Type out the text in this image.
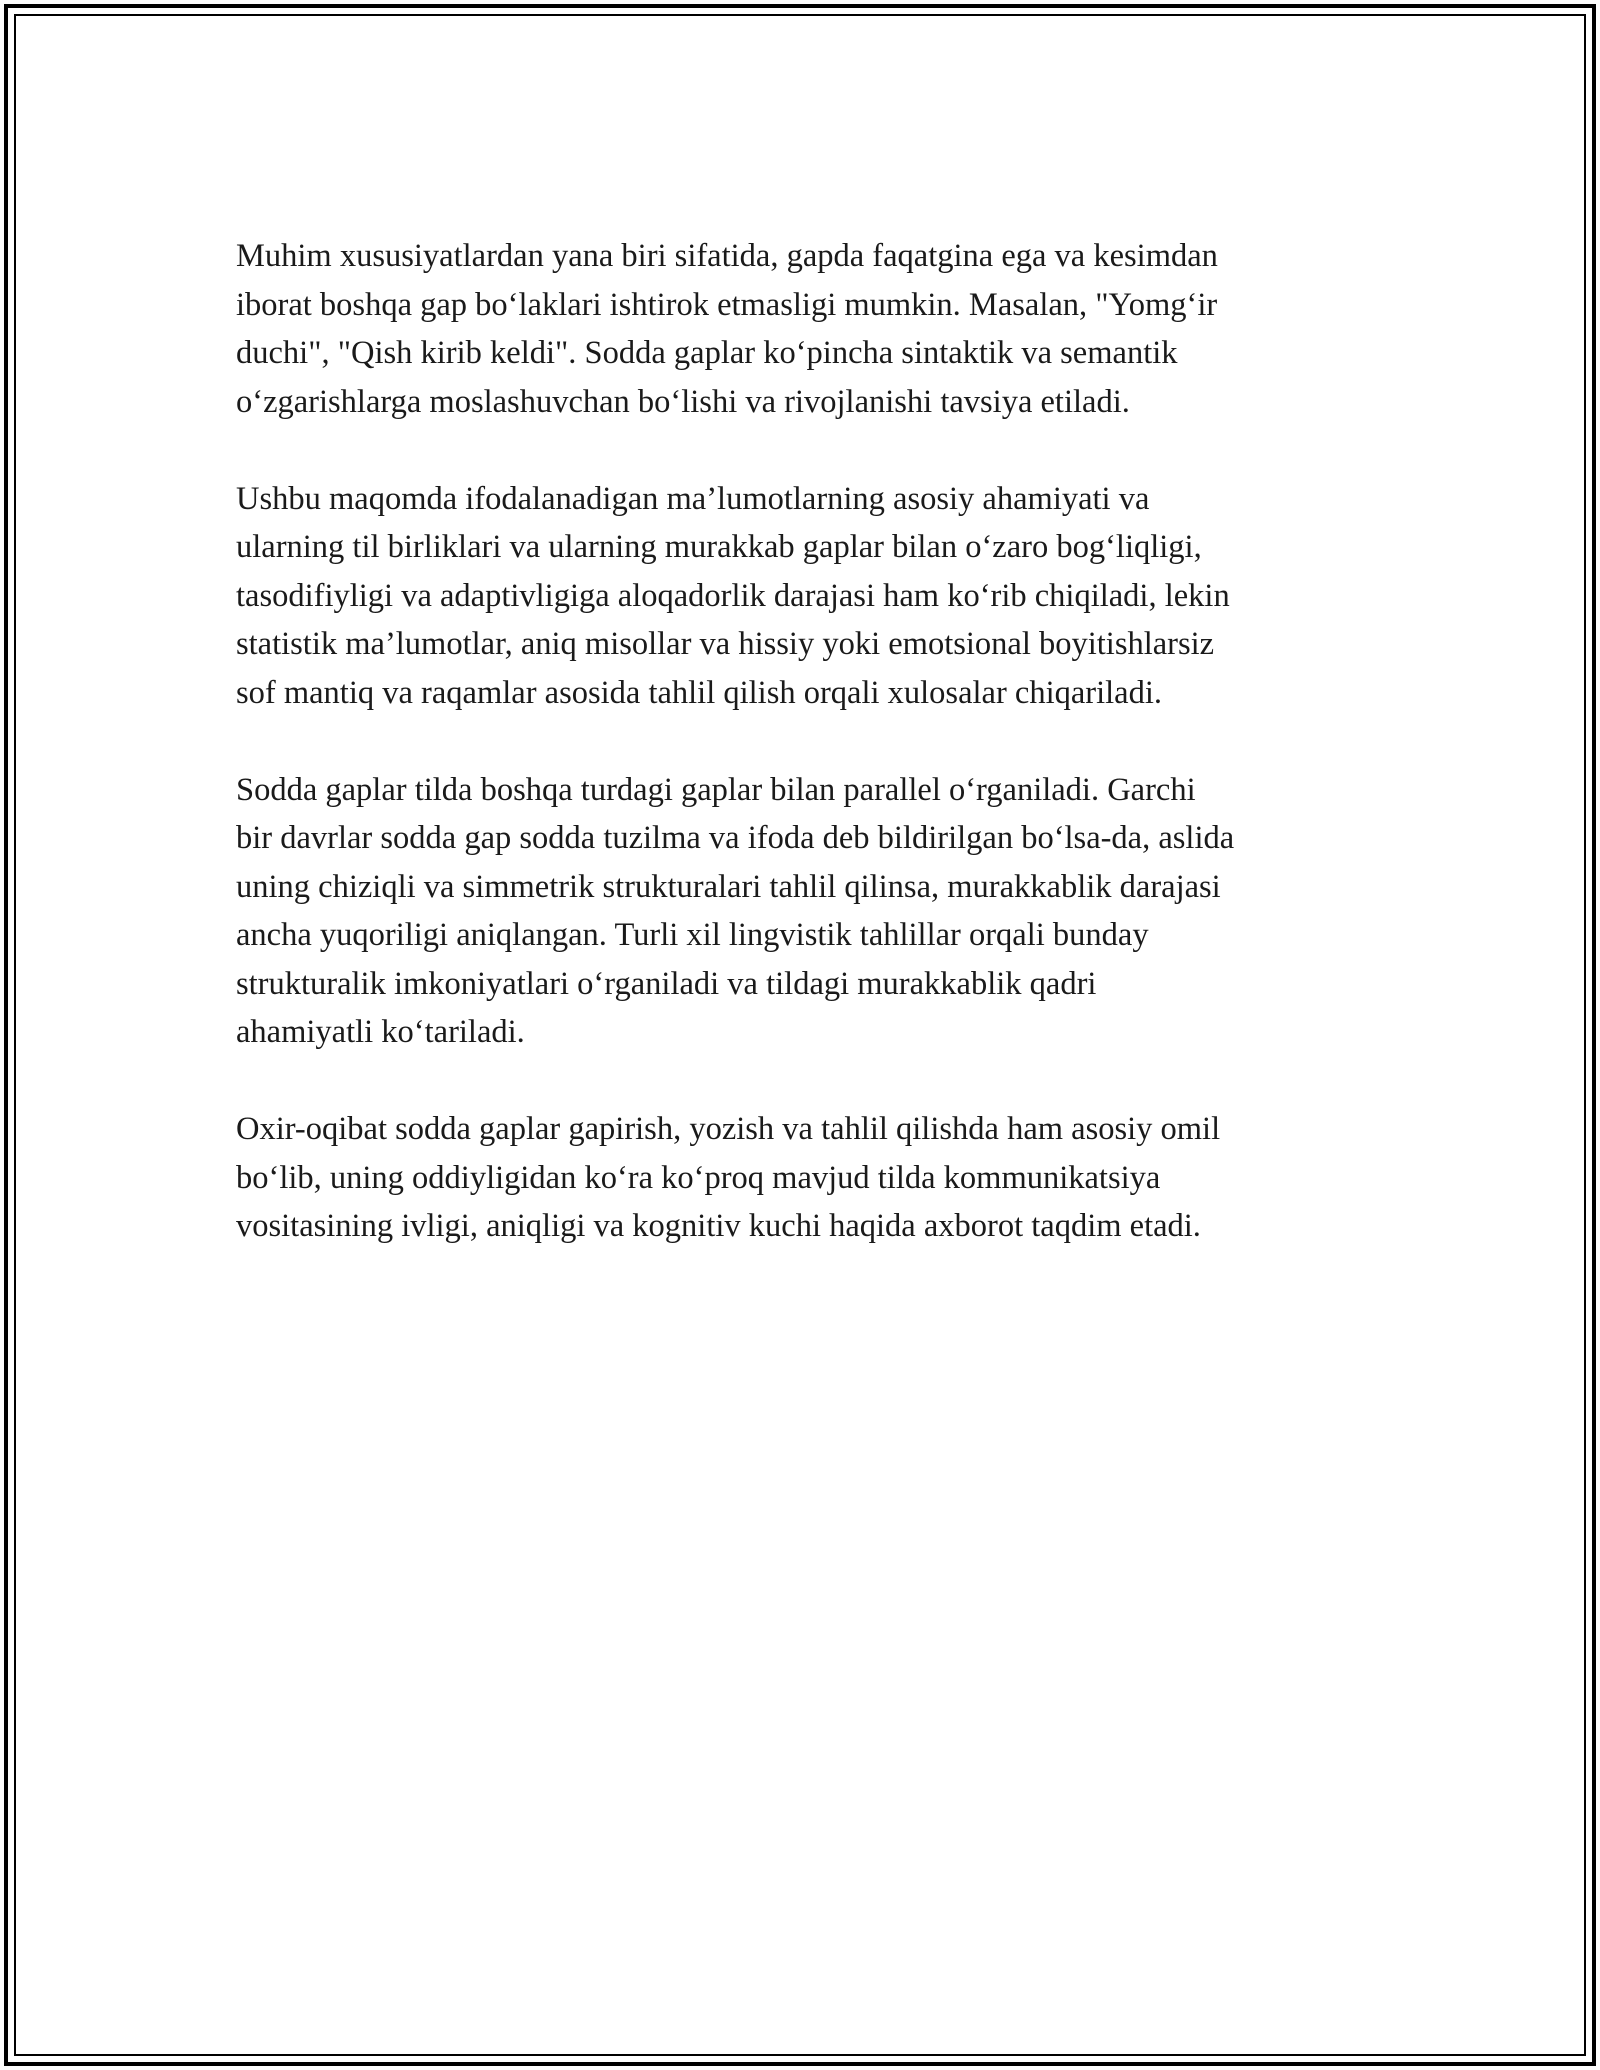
Muhim xususiyatlardan yana biri sifatida, gapda faqatgina ega va kesimdan
iborat boshqa gap bo‘laklari ishtirok etmasligi mumkin. Masalan, "Yomg‘ir
duchi", "Qish kirib keldi". Sodda gaplar ko‘pincha sintaktik va semantik
o‘zgarishlarga moslashuvchan bo‘lishi va rivojlanishi tavsiya etiladi.

Ushbu maqomda ifodalanadigan ma’lumotlarning asosiy ahamiyati va
ularning til birliklari va ularning murakkab gaplar bilan o‘zaro bog‘liqligi,
tasodifiyligi va adaptivligiga aloqadorlik darajasi ham ko‘rib chiqiladi, lekin
statistik ma’lumotlar, aniq misollar va hissiy yoki emotsional boyitishlarsiz
sof mantiq va raqamlar asosida tahlil qilish orqali xulosalar chiqariladi.

Sodda gaplar tilda boshqa turdagi gaplar bilan parallel o‘rganiladi. Garchi
bir davrlar sodda gap sodda tuzilma va ifoda deb bildirilgan bo‘lsa-da, aslida
uning chiziqli va simmetrik strukturalari tahlil qilinsa, murakkablik darajasi
ancha yuqoriligi aniqlangan. Turli xil lingvistik tahlillar orqali bunday
strukturalik imkoniyatlari o‘rganiladi va tildagi murakkablik qadri
ahamiyatli ko‘tariladi.

Oxir-oqibat sodda gaplar gapirish, yozish va tahlil qilishda ham asosiy omil
bo‘lib, uning oddiyligidan ko‘ra ko‘proq mavjud tilda kommunikatsiya
vositasining ivligi, aniqligi va kognitiv kuchi haqida axborot taqdim etadi.
